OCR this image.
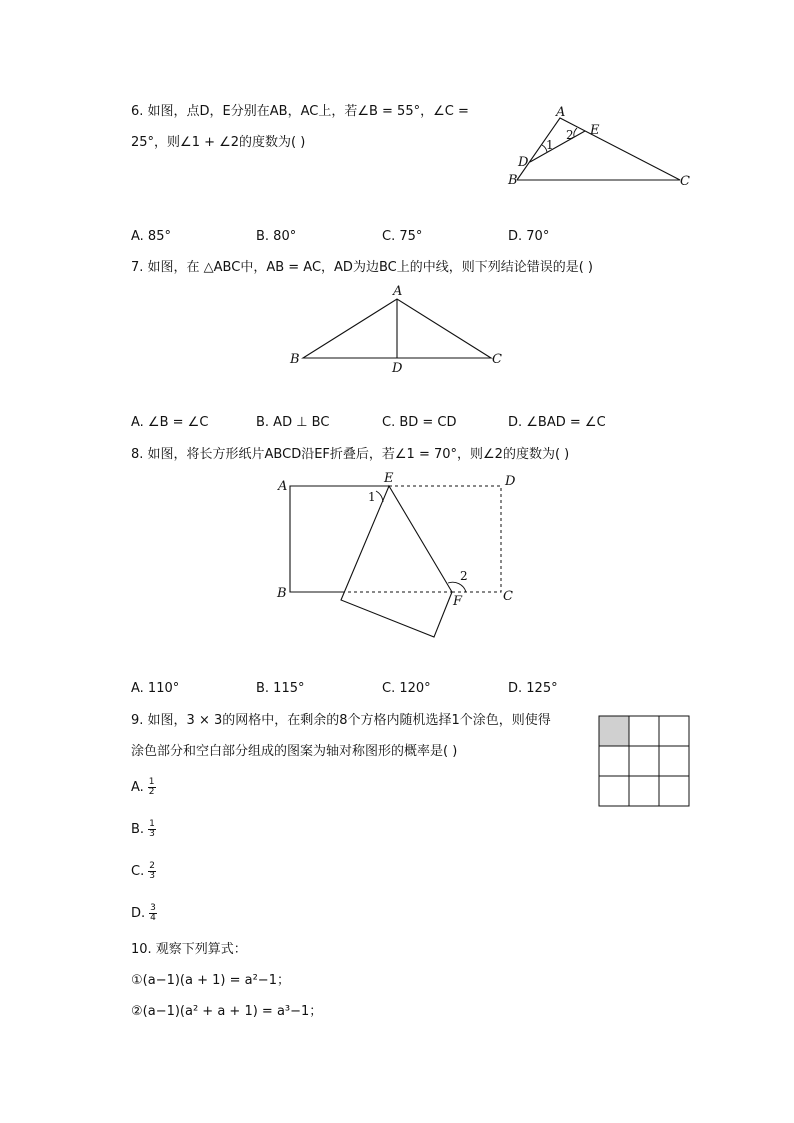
6. 如图，点D，E分别在AB，AC上，若∠B = 55°，∠C =
25°，则∠1 + ∠2的度数为( )
A
B	C
D
E
1
2
A. 85°	B. 80°	C. 75°	D. 70°
7. 如图，在 △ABC中，AB = AC，AD为边BC上的中线，则下列结论错误的是( )
A
B	C
D
A. ∠B = ∠C	B. AD ⊥ BC	C. BD = CD	D. ∠BAD = ∠C
8. 如图，将长方形纸片ABCD沿EF折叠后，若∠1 = 70°，则∠2的度数为( )
A
B	C
D
E
F
1
2
A. 110°	B. 115°	C. 120°	D. 125°
9. 如图，3 × 3的网格中，在剩余的8个方格内随机选择1个涂色，则使得
涂色部分和空白部分组成的图案为轴对称图形的概率是( )
A. $\frac{1}{2}$
B. $\frac{1}{3}$
C. $\frac{2}{3}$
D. $\frac{3}{4}$
10. 观察下列算式：
①(a−1)(a + 1) = a²−1；
②(a−1)(a² + a + 1) = a³−1；
